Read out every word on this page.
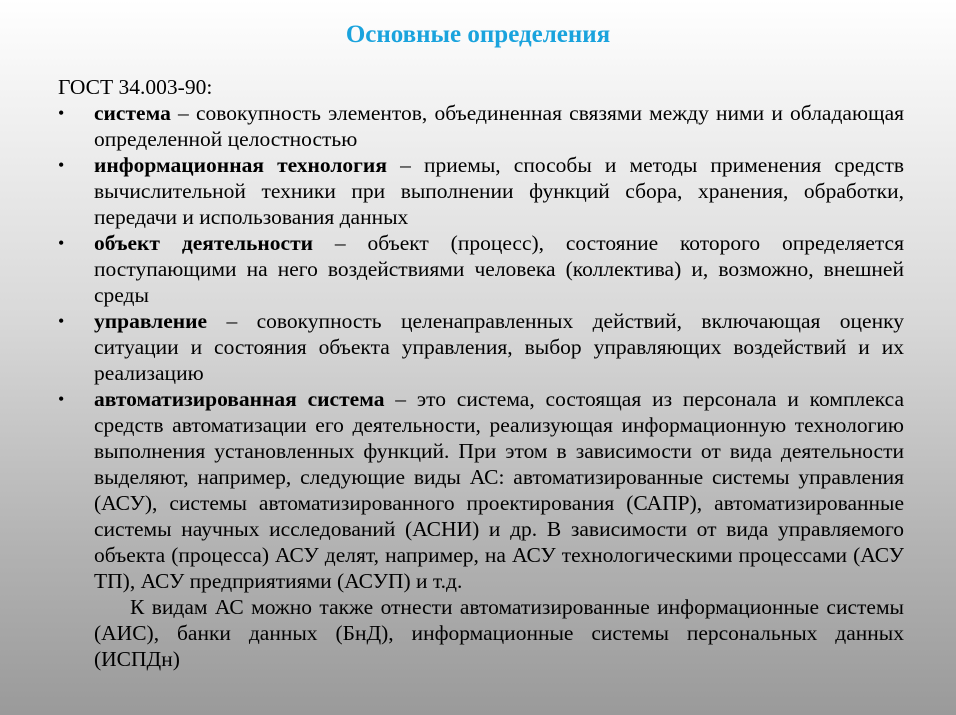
Основные определения

ГОСТ 34.003-90:

•	система – совокупность элементов, объединенная связями между ними и обладающая определенной целостностью
•	информационная технология – приемы, способы и методы применения средств вычислительной техники при выполнении функций сбора, хранения, обработки, передачи и использования данных
•	объект деятельности – объект (процесс), состояние которого определяется поступающими на него воздействиями человека (коллектива) и, возможно, внешней среды
•	управление – совокупность целенаправленных действий, включающая оценку ситуации и состояния объекта управления, выбор управляющих воздействий и их реализацию
•	автоматизированная система – это система, состоящая из персонала и комплекса средств автоматизации его деятельности, реализующая информационную технологию выполнения установленных функций. При этом в зависимости от вида деятельности выделяют, например, следующие виды АС: автоматизированные системы управления (АСУ), системы автоматизированного проектирования (САПР), автоматизированные системы научных исследований (АСНИ) и др. В зависимости от вида управляемого объекта (процесса) АСУ делят, например, на АСУ технологическими процессами (АСУ ТП), АСУ предприятиями (АСУП) и т.д.

К видам АС можно также отнести автоматизированные информационные системы (АИС), банки данных (БнД), информационные системы персональных данных (ИСПДн)
